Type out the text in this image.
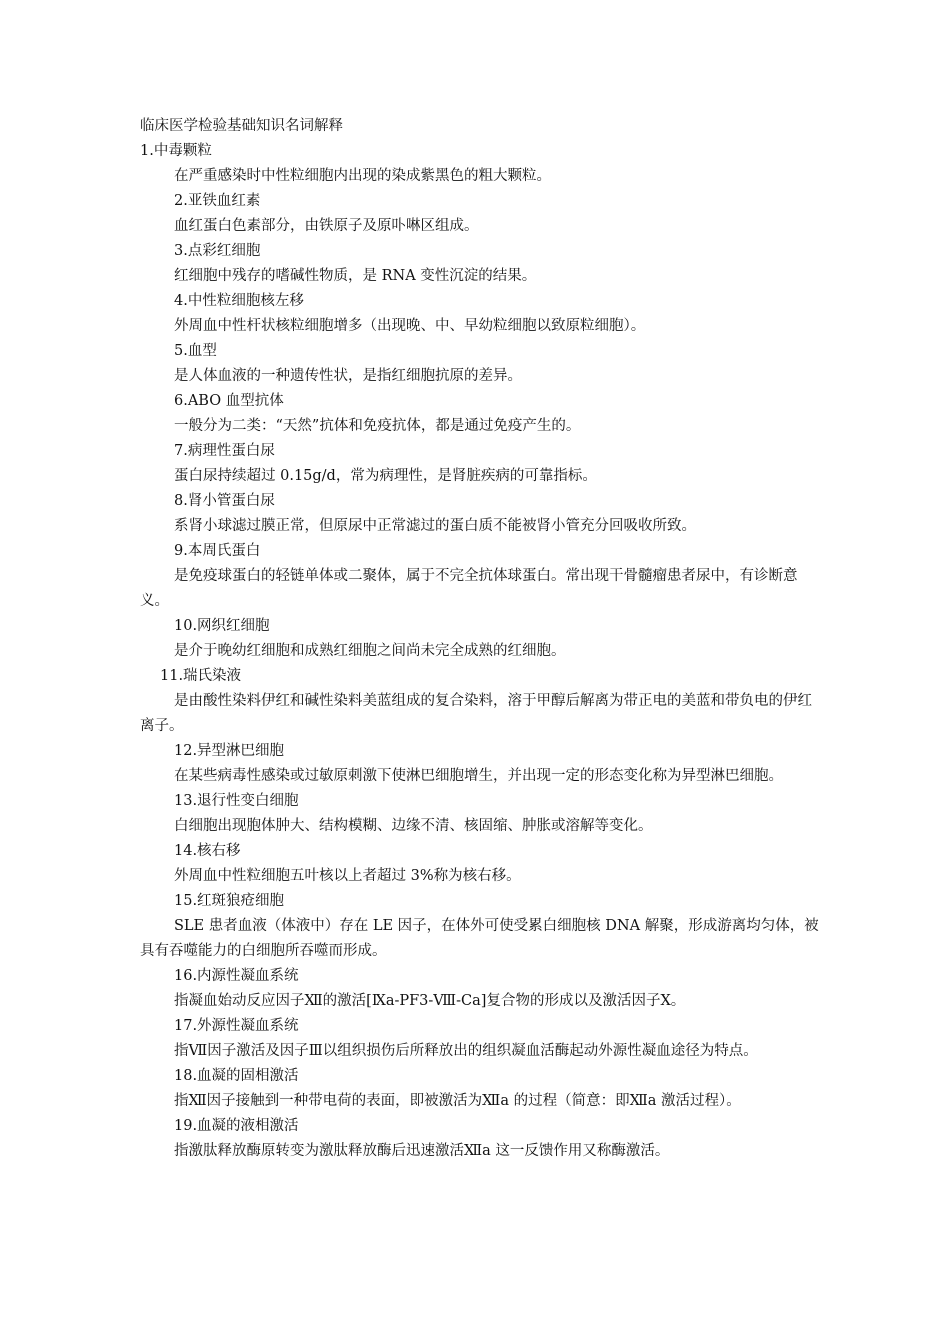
临床医学检验基础知识名词解释
1.中毒颗粒
在严重感染时中性粒细胞内出现的染成紫黑色的粗大颗粒。
2.亚铁血红素
血红蛋白色素部分，由铁原子及原卟啉区组成。
3.点彩红细胞
红细胞中残存的嗜碱性物质，是 RNA 变性沉淀的结果。
4.中性粒细胞核左移
外周血中性杆状核粒细胞增多（出现晚、中、早幼粒细胞以致原粒细胞）。
5.血型
是人体血液的一种遗传性状，是指红细胞抗原的差异。
6.ABO 血型抗体
一般分为二类：“天然”抗体和免疫抗体，都是通过免疫产生的。
7.病理性蛋白尿
蛋白尿持续超过 0.15g/d，常为病理性，是肾脏疾病的可靠指标。
8.肾小管蛋白尿
系肾小球滤过膜正常，但原尿中正常滤过的蛋白质不能被肾小管充分回吸收所致。
9.本周氏蛋白
是免疫球蛋白的轻链单体或二聚体，属于不完全抗体球蛋白。常出现干骨髓瘤患者尿中，有诊断意义。
10.网织红细胞
是介于晚幼红细胞和成熟红细胞之间尚未完全成熟的红细胞。
11.瑞氏染液
是由酸性染料伊红和碱性染料美蓝组成的复合染料，溶于甲醇后解离为带正电的美蓝和带负电的伊红离子。
12.异型淋巴细胞
在某些病毒性感染或过敏原刺激下使淋巴细胞增生，并出现一定的形态变化称为异型淋巴细胞。
13.退行性变白细胞
白细胞出现胞体肿大、结构模糊、边缘不清、核固缩、肿胀或溶解等变化。
14.核右移
外周血中性粒细胞五叶核以上者超过 3%称为核右移。
15.红斑狼疮细胞
SLE 患者血液（体液中）存在 LE 因子，在体外可使受累白细胞核 DNA 解聚，形成游离均匀体，被具有吞噬能力的白细胞所吞噬而形成。
16.内源性凝血系统
指凝血始动反应因子Ⅻ的激活[Ⅸa-PF3-Ⅷ-Ca]复合物的形成以及激活因子Ⅹ。
17.外源性凝血系统
指Ⅶ因子激活及因子Ⅲ以组织损伤后所释放出的组织凝血活酶起动外源性凝血途径为特点。
18.血凝的固相激活
指Ⅻ因子接触到一种带电荷的表面，即被激活为Ⅻa 的过程（简意：即Ⅻa 激活过程）。
19.血凝的液相激活
指激肽释放酶原转变为激肽释放酶后迅速激活Ⅻa 这一反馈作用又称酶激活。
